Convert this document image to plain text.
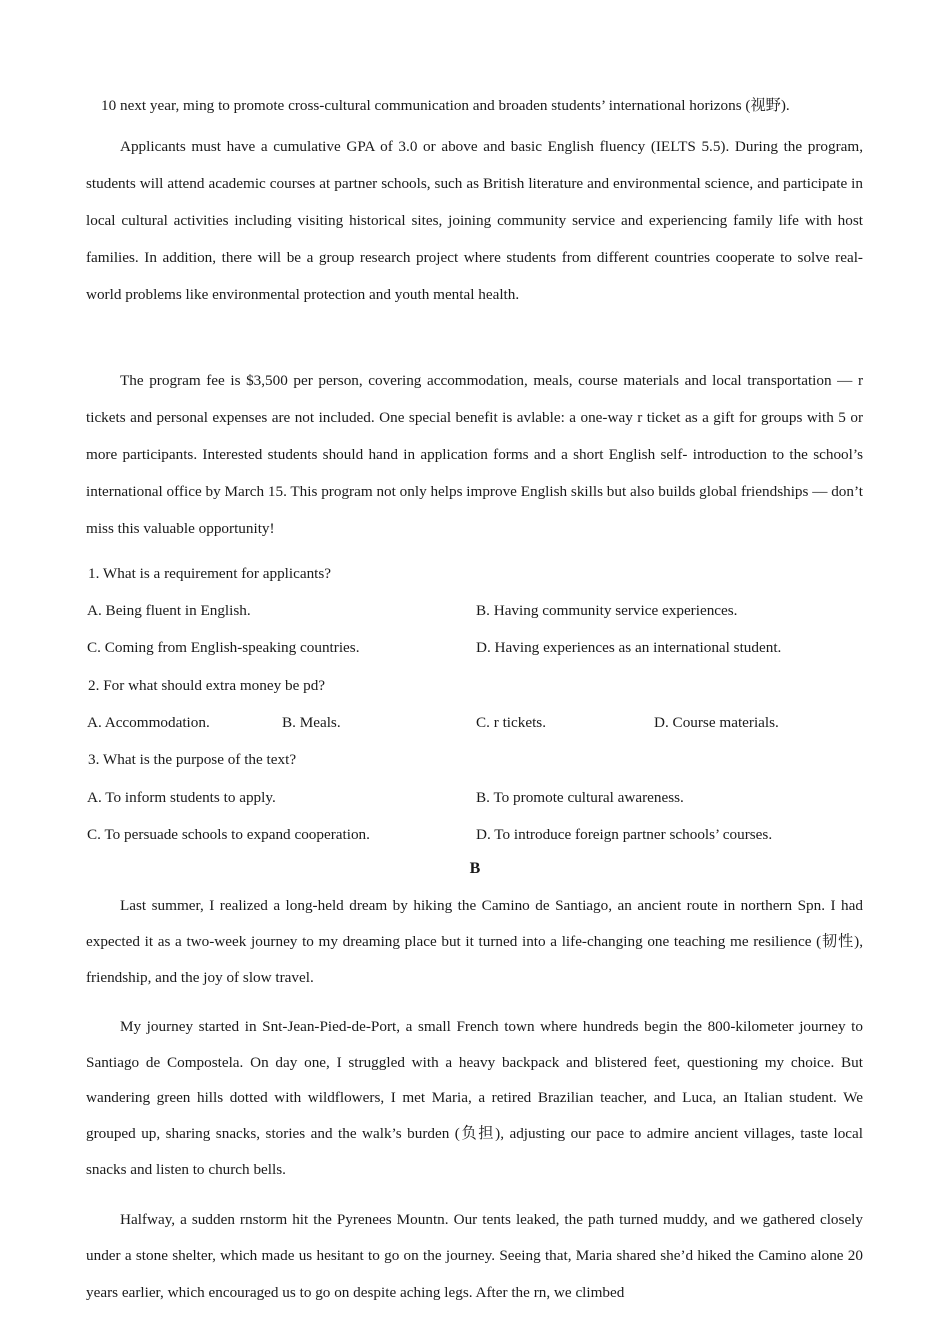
10 next year, ming to promote cross-cultural communication and broaden students’ international horizons (视野).

Applicants must have a cumulative GPA of 3.0 or above and basic English fluency (IELTS 5.5). During the program, students will attend academic courses at partner schools, such as British literature and environmental science, and participate in local cultural activities including visiting historical sites, joining community service and experiencing family life with host families. In addition, there will be a group research project where students from different countries cooperate to solve real-world problems like environmental protection and youth mental health.

The program fee is $3,500 per person, covering accommodation, meals, course materials and local transportation — r tickets and personal expenses are not included. One special benefit is avlable: a one-way r ticket as a gift for groups with 5 or more participants. Interested students should hand in application forms and a short English self- introduction to the school’s international office by March 15. This program not only helps improve English skills but also builds global friendships — don’t miss this valuable opportunity!

1. What is a requirement for applicants?

A. Being fluent in English.	B. Having community service experiences.

C. Coming from English-speaking countries.	D. Having experiences as an international student.

2. For what should extra money be pd?

A. Accommodation.	B. Meals.	C. r tickets.	D. Course materials.

3. What is the purpose of the text?

A. To inform students to apply.	B. To promote cultural awareness.

C. To persuade schools to expand cooperation.	D. To introduce foreign partner schools’ courses.

B

Last summer, I realized a long-held dream by hiking the Camino de Santiago, an ancient route in northern Spn. I had expected it as a two-week journey to my dreaming place but it turned into a life-changing one teaching me resilience (韧性), friendship, and the joy of slow travel.

My journey started in Snt-Jean-Pied-de-Port, a small French town where hundreds begin the 800-kilometer journey to Santiago de Compostela. On day one, I struggled with a heavy backpack and blistered feet, questioning my choice. But wandering green hills dotted with wildflowers, I met Maria, a retired Brazilian teacher, and Luca, an Italian student. We grouped up, sharing snacks, stories and the walk’s burden (负担), adjusting our pace to admire ancient villages, taste local snacks and listen to church bells.

Halfway, a sudden rnstorm hit the Pyrenees Mountn. Our tents leaked, the path turned muddy, and we gathered closely under a stone shelter, which made us hesitant to go on the journey. Seeing that, Maria shared she’d hiked the Camino alone 20 years earlier, which encouraged us to go on despite aching legs. After the rn, we climbed
